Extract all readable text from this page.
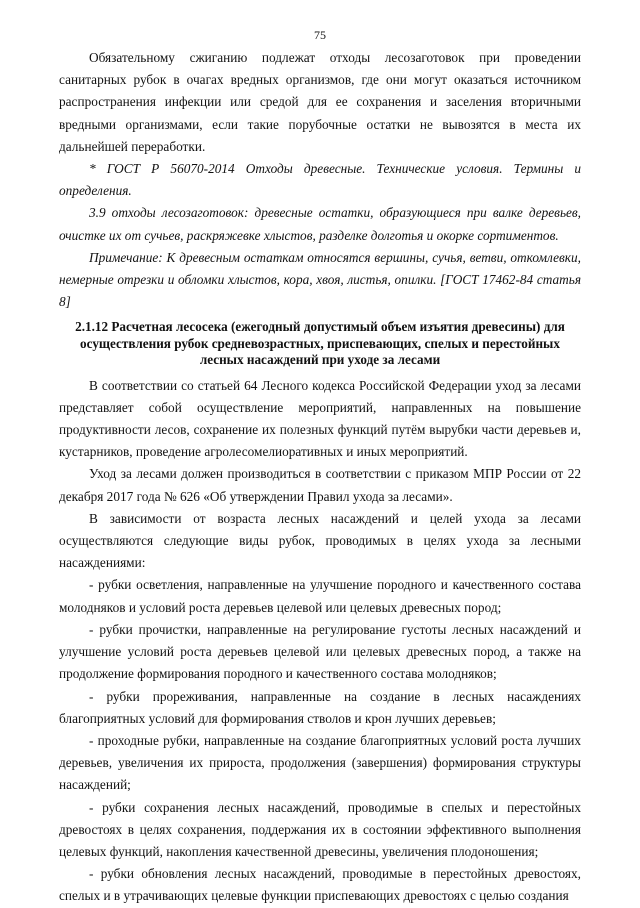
75

Обязательному сжиганию подлежат отходы лесозаготовок при проведении санитарных рубок в очагах вредных организмов, где они могут оказаться источником распространения инфекции или средой для ее сохранения и заселения вторичными вредными организмами, если такие порубочные остатки не вывозятся в места их дальнейшей переработки.

* ГОСТ Р 56070-2014 Отходы древесные. Технические условия. Термины и определения.

3.9 отходы лесозаготовок: древесные остатки, образующиеся при валке деревьев, очистке их от сучьев, раскряжевке хлыстов, разделке долготья и окорке сортиментов.

Примечание: К древесным остаткам относятся вершины, сучья, ветви, откомлевки, немерные отрезки и обломки хлыстов, кора, хвоя, листья, опилки. [ГОСТ 17462-84 статья 8]

2.1.12 Расчетная лесосека (ежегодный допустимый объем изъятия древесины) для осуществления рубок средневозрастных, приспевающих, спелых и перестойных лесных насаждений при уходе за лесами

В соответствии со статьей 64 Лесного кодекса Российской Федерации уход за лесами представляет собой осуществление мероприятий, направленных на повышение продуктивности лесов, сохранение их полезных функций путём вырубки части деревьев и, кустарников, проведение агролесомелиоративных и иных мероприятий.

Уход за лесами должен производиться в соответствии с приказом МПР России от 22 декабря 2017 года № 626 «Об утверждении Правил ухода за лесами».

В зависимости от возраста лесных насаждений и целей ухода за лесами осуществляются следующие виды рубок, проводимых в целях ухода за лесными насаждениями:

- рубки осветления, направленные на улучшение породного и качественного состава молодняков и условий роста деревьев целевой или целевых древесных пород;

- рубки прочистки, направленные на регулирование густоты лесных насаждений и улучшение условий роста деревьев целевой или целевых древесных пород, а также на продолжение формирования породного и качественного состава молодняков;

- рубки прореживания, направленные на создание в лесных насаждениях благоприятных условий для формирования стволов и крон лучших деревьев;

- проходные рубки, направленные на создание благоприятных условий роста лучших деревьев, увеличения их прироста, продолжения (завершения) формирования структуры насаждений;

- рубки сохранения лесных насаждений, проводимые в спелых и перестойных древостоях в целях сохранения, поддержания их в состоянии эффективного выполнения целевых функций, накопления качественной древесины, увеличения плодоношения;

- рубки обновления лесных насаждений, проводимые в перестойных древостоях, спелых и в утрачивающих целевые функции приспевающих древостоях с целью создания
